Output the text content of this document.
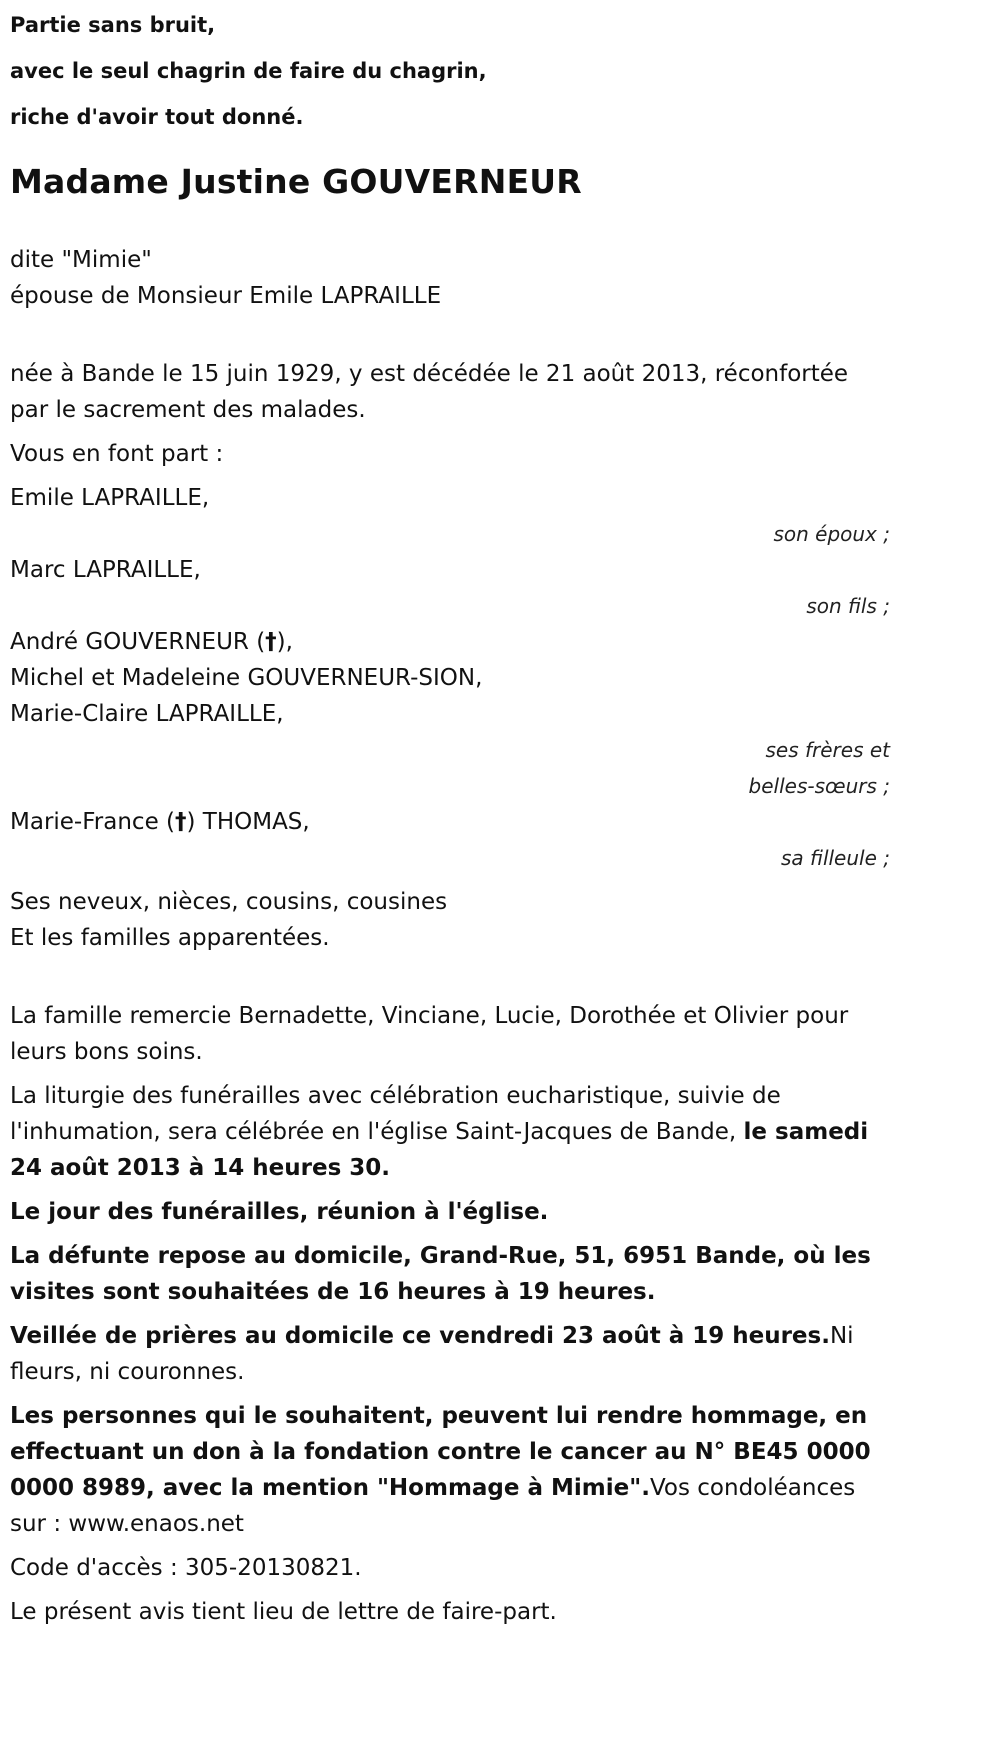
Partie sans bruit,

avec le seul chagrin de faire du chagrin,

riche d'avoir tout donné.

Madame Justine GOUVERNEUR

dite "Mimie"

épouse de Monsieur Emile LAPRAILLE

née à Bande le 15 juin 1929, y est décédée le 21 août 2013, réconfortée par le sacrement des malades.

Vous en font part :

Emile LAPRAILLE,

son époux ;

Marc LAPRAILLE,

son fils ;

André GOUVERNEUR (†),

Michel et Madeleine GOUVERNEUR-SION,

Marie-Claire LAPRAILLE,

ses frères et

belles-sœurs ;

Marie-France (†) THOMAS,

sa filleule ;

Ses neveux, nièces, cousins, cousines

Et les familles apparentées.

La famille remercie Bernadette, Vinciane, Lucie, Dorothée et Olivier pour leurs bons soins.

La liturgie des funérailles avec célébration eucharistique, suivie de l'inhumation, sera célébrée en l'église Saint-Jacques de Bande, le samedi 24 août 2013 à 14 heures 30.

Le jour des funérailles, réunion à l'église.

La défunte repose au domicile, Grand-Rue, 51, 6951 Bande, où les visites sont souhaitées de 16 heures à 19 heures.

Veillée de prières au domicile ce vendredi 23 août à 19 heures.Ni fleurs, ni couronnes.

Les personnes qui le souhaitent, peuvent lui rendre hommage, en effectuant un don à la fondation contre le cancer au N° BE45 0000 0000 8989, avec la mention "Hommage à Mimie".Vos condoléances sur : www.enaos.net

Code d'accès : 305-20130821.

Le présent avis tient lieu de lettre de faire-part.
